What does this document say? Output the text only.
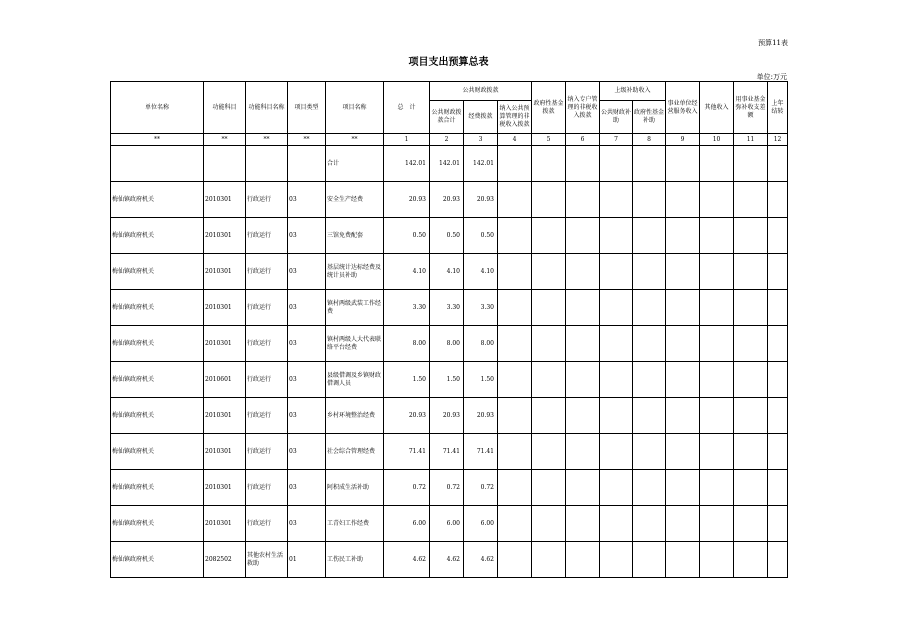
预算11表
项目支出预算总表
单位:万元
单位名称	功能科目	功能科目名称	项目类型	项目名称	总　计	公共财政拨款			政府性基金拨款	纳入专户管理的非税收入拨款	上级补助收入		事业单位经营服务收入	其他收入	用事业基金弥补收支差额	上年结转
						公共财政拨款合计	经费拨款	纳入公共预算管理的非税收入拨款			公共财政补助	政府性基金补助				
**	**	**	**	**	1	2	3	4	5	6	7	8	9	10	11	12
				合计	142.01	142.01	142.01									
梅仙镇政府机关	2010301	行政运行	03	安全生产经费	20.93	20.93	20.93									
梅仙镇政府机关	2010301	行政运行	03	三馆免费配套	0.50	0.50	0.50									
梅仙镇政府机关	2010301	行政运行	03	基层统计达标经费及统计员补助	4.10	4.10	4.10									
梅仙镇政府机关	2010301	行政运行	03	镇村两级武装工作经费	3.30	3.30	3.30									
梅仙镇政府机关	2010301	行政运行	03	镇村两级人大代表联络平台经费	8.00	8.00	8.00									
梅仙镇政府机关	2010601	行政运行	03	县级借调及乡镇财政借调人员	1.50	1.50	1.50									
梅仙镇政府机关	2010301	行政运行	03	乡村环境整治经费	20.93	20.93	20.93									
梅仙镇政府机关	2010301	行政运行	03	社会综合管理经费	71.41	71.41	71.41									
梅仙镇政府机关	2010301	行政运行	03	阿积成生活补助	0.72	0.72	0.72									
梅仙镇政府机关	2010301	行政运行	03	工青妇工作经费	6.00	6.00	6.00									
梅仙镇政府机关	2082502	其他农村生活救助	01	工伤民工补助	4.62	4.62	4.62									
